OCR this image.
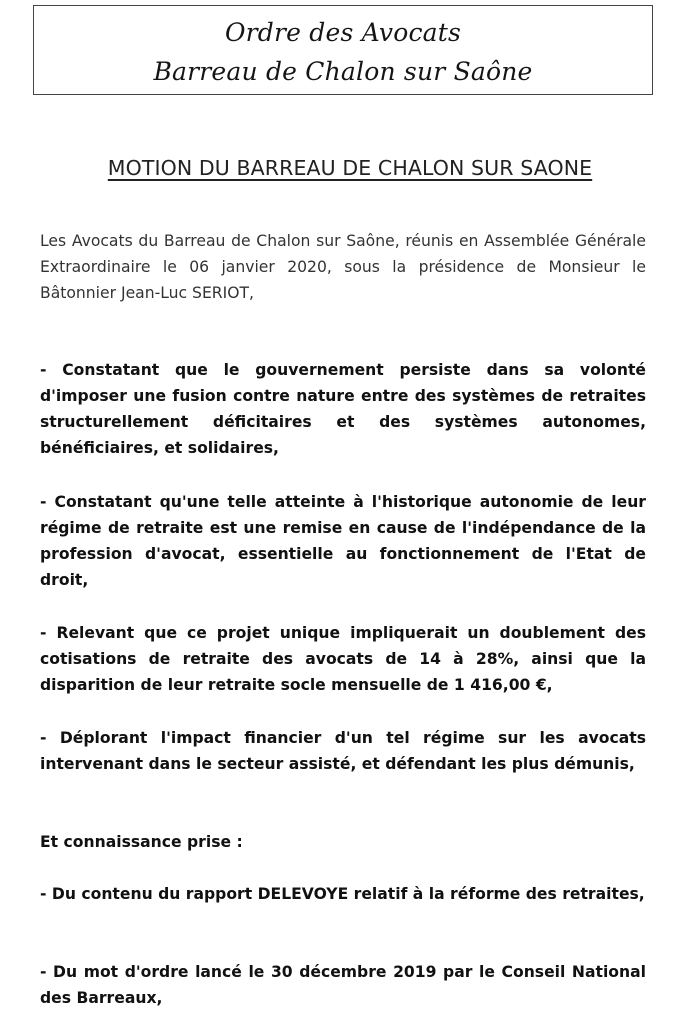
Ordre des Avocats
Barreau de Chalon sur Saône
MOTION DU BARREAU DE CHALON SUR SAONE

Les Avocats du Barreau de Chalon sur Saône, réunis en Assemblée Générale Extraordinaire le 06 janvier 2020, sous la présidence de Monsieur le Bâtonnier Jean-Luc SERIOT,

- Constatant que le gouvernement persiste dans sa volonté d'imposer une fusion contre nature entre des systèmes de retraites structurellement déficitaires et des systèmes autonomes, bénéficiaires, et solidaires,

- Constatant qu'une telle atteinte à l'historique autonomie de leur régime de retraite est une remise en cause de l'indépendance de la profession d'avocat, essentielle au fonctionnement de l'Etat de droit,

- Relevant que ce projet unique impliquerait un doublement des cotisations de retraite des avocats de 14 à 28%, ainsi que la disparition de leur retraite socle mensuelle de 1 416,00 €,

- Déplorant l'impact financier d'un tel régime sur les avocats intervenant dans le secteur assisté, et défendant les plus démunis,

Et connaissance prise :

- Du contenu du rapport DELEVOYE relatif à la réforme des retraites,

- Du mot d'ordre lancé le 30 décembre 2019 par le Conseil National des Barreaux,
